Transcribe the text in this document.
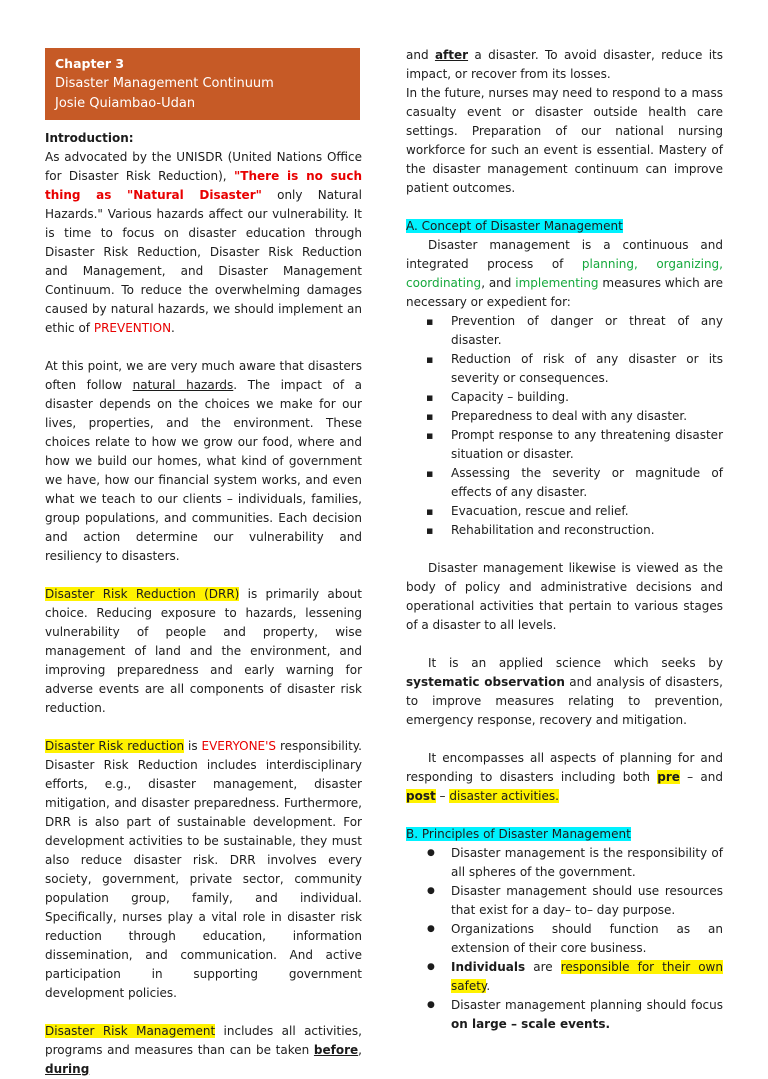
Chapter 3
Disaster Management Continuum
Josie Quiambao-Udan

Introduction:

As advocated by the UNISDR (United Nations Office for Disaster Risk Reduction), "There is no such thing as "Natural Disaster" only Natural Hazards." Various hazards affect our vulnerability. It is time to focus on disaster education through Disaster Risk Reduction, Disaster Risk Reduction and Management, and Disaster Management Continuum. To reduce the overwhelming damages caused by natural hazards, we should implement an ethic of PREVENTION.

At this point, we are very much aware that disasters often follow natural hazards. The impact of a disaster depends on the choices we make for our lives, properties, and the environment. These choices relate to how we grow our food, where and how we build our homes, what kind of government we have, how our financial system works, and even what we teach to our clients – individuals, families, group populations, and communities. Each decision and action determine our vulnerability and resiliency to disasters.

Disaster Risk Reduction (DRR) is primarily about choice. Reducing exposure to hazards, lessening vulnerability of people and property, wise management of land and the environment, and improving preparedness and early warning for adverse events are all components of disaster risk reduction.

Disaster Risk reduction is EVERYONE'S responsibility. Disaster Risk Reduction includes interdisciplinary efforts, e.g., disaster management, disaster mitigation, and disaster preparedness. Furthermore, DRR is also part of sustainable development. For development activities to be sustainable, they must also reduce disaster risk. DRR involves every society, government, private sector, community population group, family, and individual. Specifically, nurses play a vital role in disaster risk reduction through education, information dissemination, and communication. And active participation in supporting government development policies.

Disaster Risk Management includes all activities, programs and measures than can be taken before, during

and after a disaster. To avoid disaster, reduce its impact, or recover from its losses.

In the future, nurses may need to respond to a mass casualty event or disaster outside health care settings. Preparation of our national nursing workforce for such an event is essential. Mastery of the disaster management continuum can improve patient outcomes.

A. Concept of Disaster Management

Disaster management is a continuous and integrated process of planning, organizing, coordinating, and implementing measures which are necessary or expedient for:

▪ Prevention of danger or threat of any disaster.
▪ Reduction of risk of any disaster or its severity or consequences.
▪ Capacity – building.
▪ Preparedness to deal with any disaster.
▪ Prompt response to any threatening disaster situation or disaster.
▪ Assessing the severity or magnitude of effects of any disaster.
▪ Evacuation, rescue and relief.
▪ Rehabilitation and reconstruction.

Disaster management likewise is viewed as the body of policy and administrative decisions and operational activities that pertain to various stages of a disaster to all levels.

It is an applied science which seeks by systematic observation and analysis of disasters, to improve measures relating to prevention, emergency response, recovery and mitigation.

It encompasses all aspects of planning for and responding to disasters including both pre – and post – disaster activities.

B. Principles of Disaster Management

● Disaster management is the responsibility of all spheres of the government.
● Disaster management should use resources that exist for a day– to– day purpose.
● Organizations should function as an extension of their core business.
● Individuals are responsible for their own safety.
● Disaster management planning should focus on large – scale events.
